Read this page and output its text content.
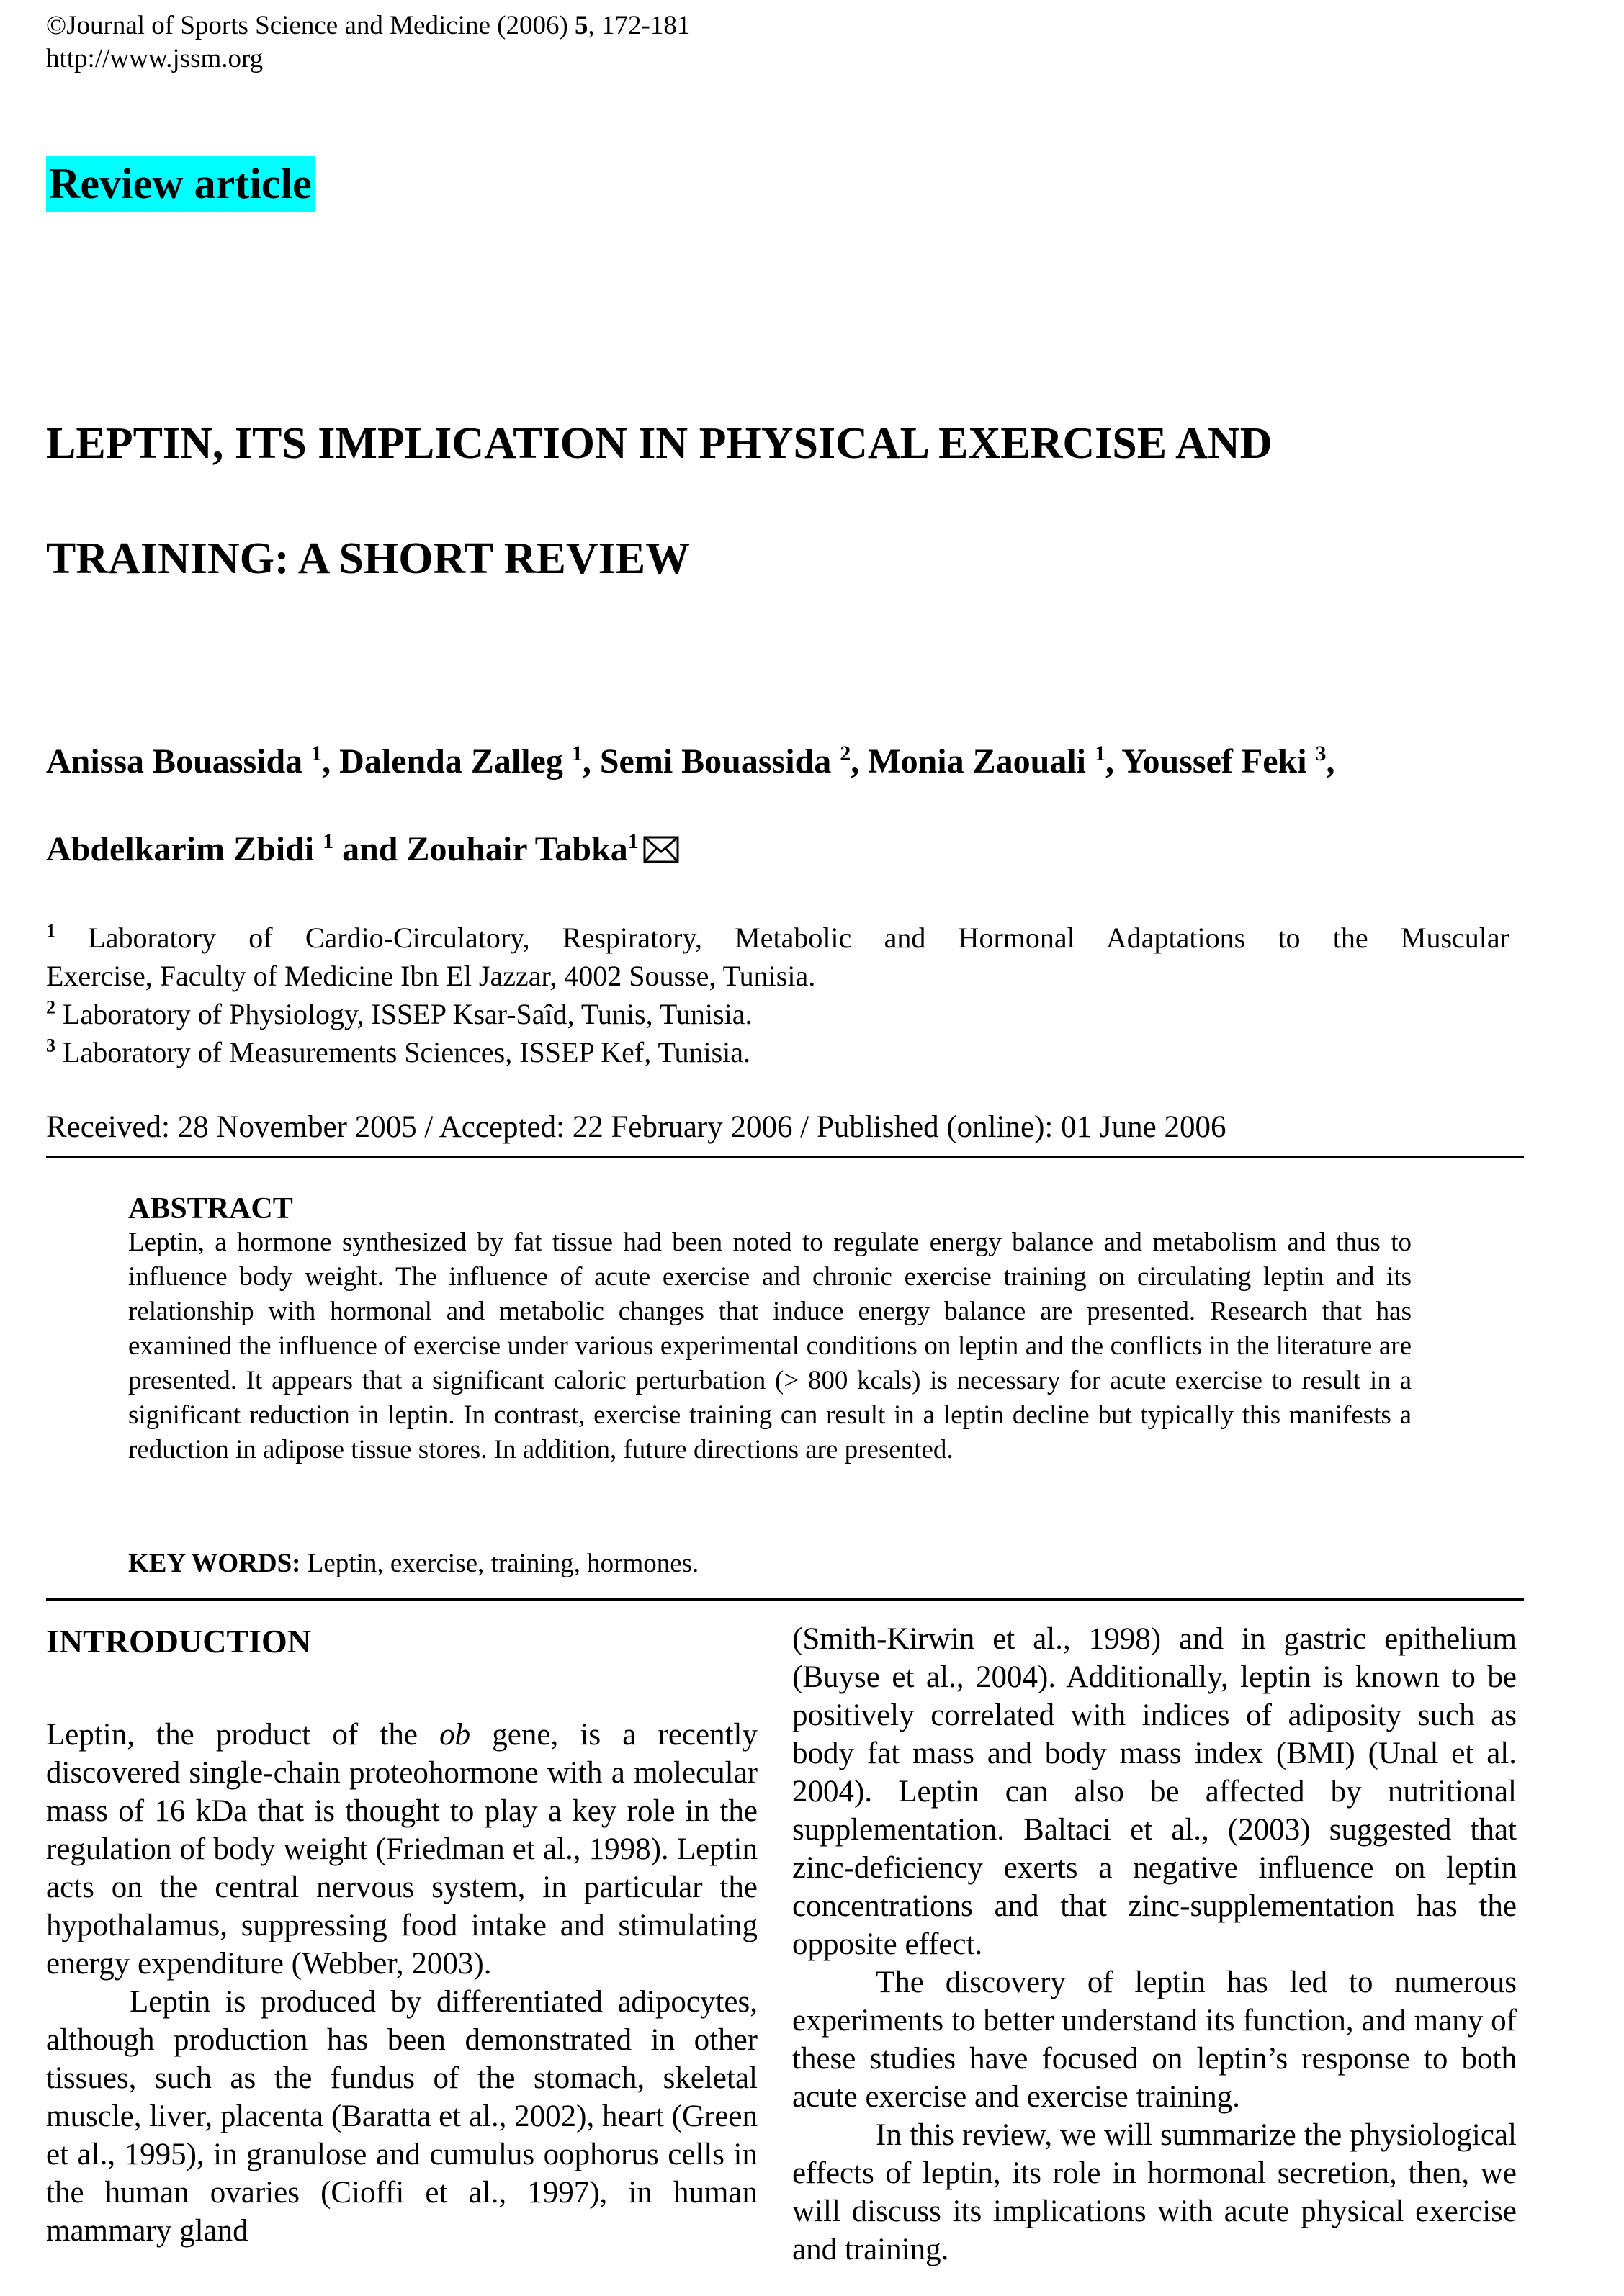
©Journal of Sports Science and Medicine (2006) 5, 172-181
http://www.jssm.org
Review article
LEPTIN, ITS IMPLICATION IN PHYSICAL EXERCISE AND
TRAINING: A SHORT REVIEW
Anissa Bouassida $^1$, Dalenda Zalleg $^1$, Semi Bouassida $^2$, Monia Zaouali $^1$, Youssef Feki $^3$,
Abdelkarim Zbidi $^1$ and Zouhair Tabka$^1$
$^1$ Laboratory of Cardio-Circulatory, Respiratory, Metabolic and Hormonal Adaptations to the Muscular
Exercise, Faculty of Medicine Ibn El Jazzar, 4002 Sousse, Tunisia.
$^2$ Laboratory of Physiology, ISSEP Ksar-Saîd, Tunis, Tunisia.
$^3$ Laboratory of Measurements Sciences, ISSEP Kef, Tunisia.
Received: 28 November 2005 / Accepted: 22 February 2006 / Published (online): 01 June 2006
ABSTRACT

Leptin, a hormone synthesized by fat tissue had been noted to regulate energy balance and metabolism and thus to influence body weight. The influence of acute exercise and chronic exercise training on circulating leptin and its relationship with hormonal and metabolic changes that induce energy balance are presented. Research that has examined the influence of exercise under various experimental conditions on leptin and the conflicts in the literature are presented. It appears that a significant caloric perturbation (> 800 kcals) is necessary for acute exercise to result in a significant reduction in leptin. In contrast, exercise training can result in a leptin decline but typically this manifests a reduction in adipose tissue stores. In addition, future directions are presented.

KEY WORDS: Leptin, exercise, training, hormones.
INTRODUCTION

Leptin, the product of the ob gene, is a recently discovered single-chain proteohormone with a molecular mass of 16 kDa that is thought to play a key role in the regulation of body weight (Friedman et al., 1998). Leptin acts on the central nervous system, in particular the hypothalamus, suppressing food intake and stimulating energy expenditure (Webber, 2003).

Leptin is produced by differentiated adipocytes, although production has been demonstrated in other tissues, such as the fundus of the stomach, skeletal muscle, liver, placenta (Baratta et al., 2002), heart (Green et al., 1995), in granulose and cumulus oophorus cells in the human ovaries (Cioffi et al., 1997), in human mammary gland

(Smith-Kirwin et al., 1998) and in gastric epithelium (Buyse et al., 2004). Additionally, leptin is known to be positively correlated with indices of adiposity such as body fat mass and body mass index (BMI) (Unal et al. 2004). Leptin can also be affected by nutritional supplementation. Baltaci et al., (2003) suggested that zinc-deficiency exerts a negative influence on leptin concentrations and that zinc-supplementation has the opposite effect.

The discovery of leptin has led to numerous experiments to better understand its function, and many of these studies have focused on leptin’s response to both acute exercise and exercise training.

In this review, we will summarize the physiological effects of leptin, its role in hormonal secretion, then, we will discuss its implications with acute physical exercise and training.
